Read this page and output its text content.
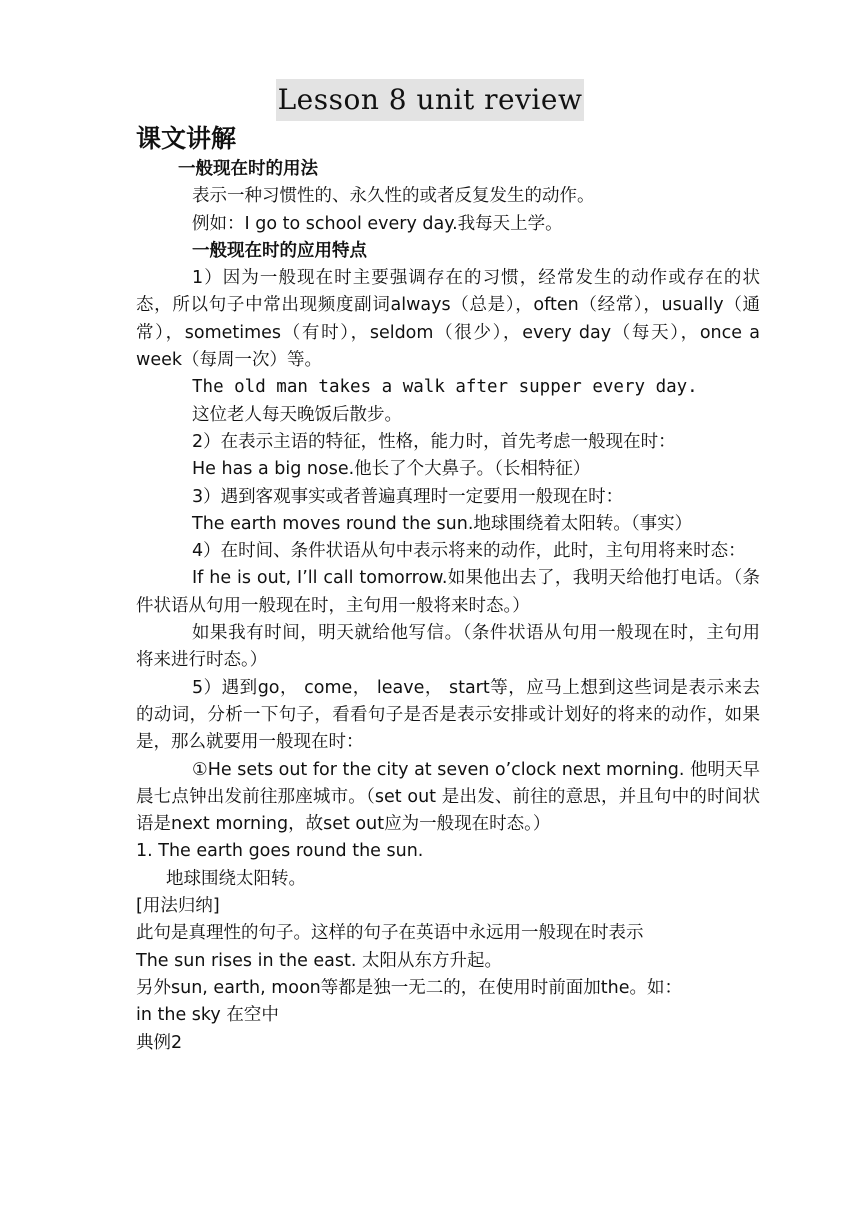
Lesson 8 unit review
课文讲解

一般现在时的用法

表示一种习惯性的、永久性的或者反复发生的动作。

例如：I go to school every day.我每天上学。

一般现在时的应用特点

1）因为一般现在时主要强调存在的习惯，经常发生的动作或存在的状态，所以句子中常出现频度副词always（总是），often（经常），usually（通常），sometimes（有时），seldom（很少），every day（每天），once a week（每周一次）等。

The old man takes a walk after supper every day.

这位老人每天晚饭后散步。

2）在表示主语的特征，性格，能力时，首先考虑一般现在时：

He has a big nose.他长了个大鼻子。（长相特征）

3）遇到客观事实或者普遍真理时一定要用一般现在时：

The earth moves round the sun.地球围绕着太阳转。（事实）

4）在时间、条件状语从句中表示将来的动作，此时，主句用将来时态：

If he is out, I’ll call tomorrow.如果他出去了，我明天给他打电话。（条件状语从句用一般现在时，主句用一般将来时态。）

如果我有时间，明天就给他写信。（条件状语从句用一般现在时，主句用将来进行时态。）

5）遇到go， come， leave， start等，应马上想到这些词是表示来去的动词，分析一下句子，看看句子是否是表示安排或计划好的将来的动作，如果是，那么就要用一般现在时：

①He sets out for the city at seven o’clock next morning. 他明天早晨七点钟出发前往那座城市。（set out 是出发、前往的意思，并且句中的时间状语是next morning，故set out应为一般现在时态。）

1. The earth goes round the sun.

地球围绕太阳转。

[用法归纳]

此句是真理性的句子。这样的句子在英语中永远用一般现在时表示

The sun rises in the east. 太阳从东方升起。

另外sun, earth, moon等都是独一无二的，在使用时前面加the。如：

in the sky 在空中

典例2
